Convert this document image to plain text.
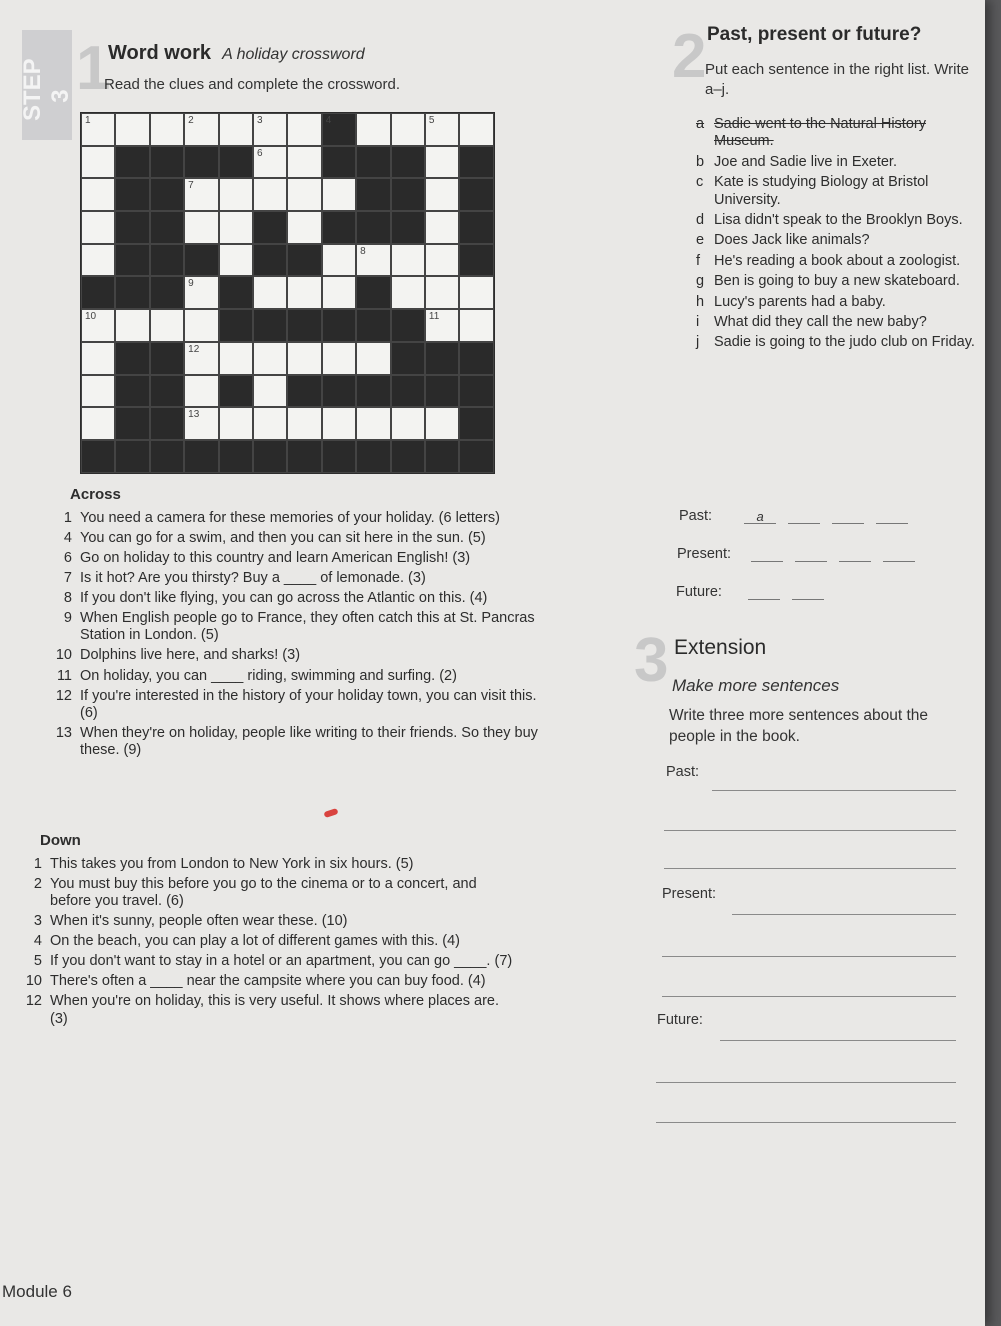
STEP 3 1
Word work A holiday crossword
Read the clues and complete the crossword.
1	2	3	4	5
6
7
8
9
10	11
12
13
Across
1 You need a camera for these memories of your holiday. (6 letters)
4 You can go for a swim, and then you can sit here in the sun. (5)
6 Go on holiday to this country and learn American English! (3)
7 Is it hot? Are you thirsty? Buy a ____ of lemonade. (3)
8 If you don't like flying, you can go across the Atlantic on this. (4)
9 When English people go to France, they often catch this at St. Pancras Station in London. (5)
10 Dolphins live here, and sharks! (3)
11 On holiday, you can ____ riding, swimming and surfing. (2)
12 If you're interested in the history of your holiday town, you can visit this. (6)
13 When they're on holiday, people like writing to their friends. So they buy these. (9)
Down
1 This takes you from London to New York in six hours. (5)
2 You must buy this before you go to the cinema or to a concert, and before you travel. (6)
3 When it's sunny, people often wear these. (10)
4 On the beach, you can play a lot of different games with this. (4)
5 If you don't want to stay in a hotel or an apartment, you can go ____. (7)
10 There's often a ____ near the campsite where you can buy food. (4)
12 When you're on holiday, this is very useful. It shows where places are. (3)
2 Past, present or future?
Put each sentence in the right list. Write a–j.
a Sadie went to the Natural History Museum.
b Joe and Sadie live in Exeter.
c Kate is studying Biology at Bristol University.
d Lisa didn't speak to the Brooklyn Boys.
e Does Jack like animals?
f He's reading a book about a zoologist.
g Ben is going to buy a new skateboard.
h Lucy's parents had a baby.
i	What did they call the new baby?
j	Sadie is going to the judo club on Friday.
Past:	a
Present:
Future:
3 Extension
Make more sentences
Write three more sentences about the people in the book.
Past:
Present:
Future:
Module 6
